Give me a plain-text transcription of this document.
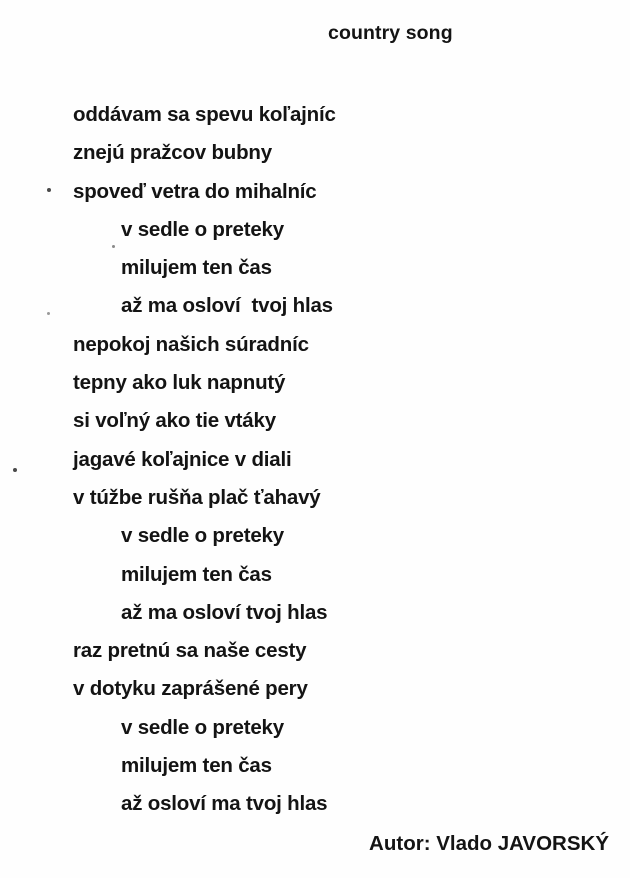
country song
oddávam sa spevu koľajníc
znejú pražcov bubny
spoveď vetra do mihalníc
v sedle o preteky
milujem ten čas
až ma osloví  tvoj hlas
nepokoj našich súradníc
tepny ako luk napnutý
si voľný ako tie vtáky
jagavé koľajnice v diali
v túžbe rušňa plač ťahavý
v sedle o preteky
milujem ten čas
až ma osloví tvoj hlas
raz pretnú sa naše cesty
v dotyku zaprášené pery
v sedle o preteky
milujem ten čas
až osloví ma tvoj hlas
Autor: Vlado JAVORSKÝ
